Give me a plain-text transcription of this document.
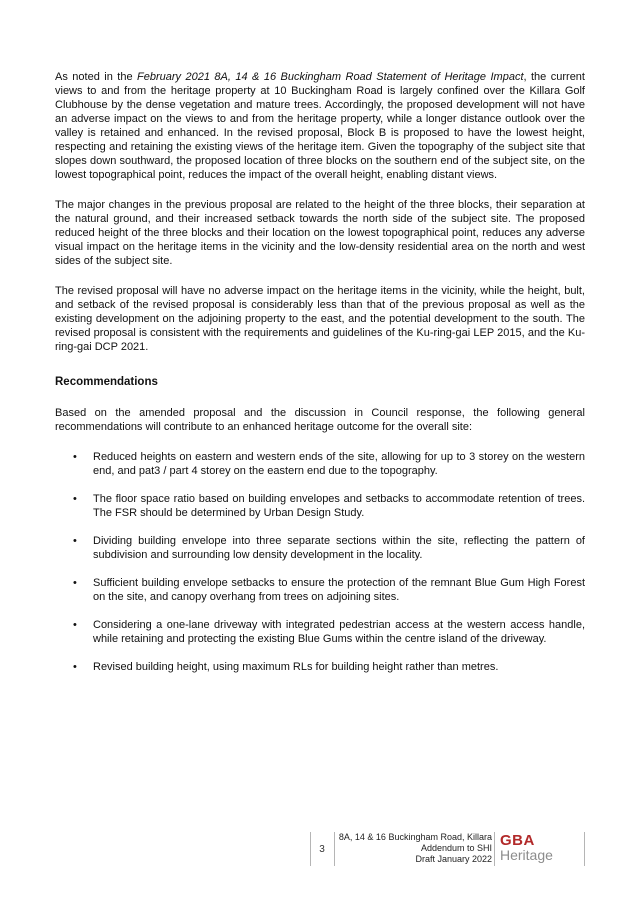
As noted in the February 2021 8A, 14 & 16 Buckingham Road Statement of Heritage Impact, the current views to and from the heritage property at 10 Buckingham Road is largely confined over the Killara Golf Clubhouse by the dense vegetation and mature trees. Accordingly, the proposed development will not have an adverse impact on the views to and from the heritage property, while a longer distance outlook over the valley is retained and enhanced. In the revised proposal, Block B is proposed to have the lowest height, respecting and retaining the existing views of the heritage item. Given the topography of the subject site that slopes down southward, the proposed location of three blocks on the southern end of the subject site, on the lowest topographical point, reduces the impact of the overall height, enabling distant views.

The major changes in the previous proposal are related to the height of the three blocks, their separation at the natural ground, and their increased setback towards the north side of the subject site. The proposed reduced height of the three blocks and their location on the lowest topographical point, reduces any adverse visual impact on the heritage items in the vicinity and the low-density residential area on the north and west sides of the subject site.

The revised proposal will have no adverse impact on the heritage items in the vicinity, while the height, bult, and setback of the revised proposal is considerably less than that of the previous proposal as well as the existing development on the adjoining property to the east, and the potential development to the south. The revised proposal is consistent with the requirements and guidelines of the Ku-ring-gai LEP 2015, and the Ku-ring-gai DCP 2021.

Recommendations

Based on the amended proposal and the discussion in Council response, the following general recommendations will contribute to an enhanced heritage outcome for the overall site:

• Reduced heights on eastern and western ends of the site, allowing for up to 3 storey on the western end, and pat3 / part 4 storey on the eastern end due to the topography.
• The floor space ratio based on building envelopes and setbacks to accommodate retention of trees. The FSR should be determined by Urban Design Study.
• Dividing building envelope into three separate sections within the site, reflecting the pattern of subdivision and surrounding low density development in the locality.
• Sufficient building envelope setbacks to ensure the protection of the remnant Blue Gum High Forest on the site, and canopy overhang from trees on adjoining sites.
• Considering a one-lane driveway with integrated pedestrian access at the western access handle, while retaining and protecting the existing Blue Gums within the centre island of the driveway.
• Revised building height, using maximum RLs for building height rather than metres.
3
8A, 14 & 16 Buckingham Road, Killara
Addendum to SHI
Draft January 2022
GBA
Heritage
